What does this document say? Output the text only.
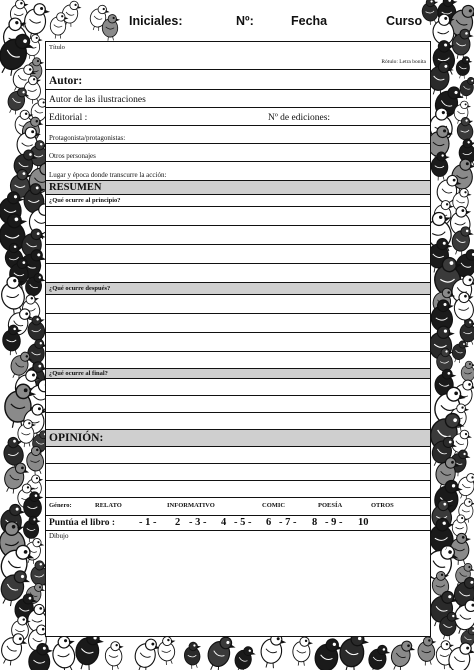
Iniciales:	Nº:	Fecha	Curso
Título
Rótulo: Letra bonita
Autor:
Autor de las ilustraciones
Editorial :	Nº de ediciones:
Protagonista/protagonistas:
Otros personajes
Lugar y época donde transcurre la acción:
RESUMEN
¿Qué ocurre al principio?
¿Qué ocurre después?
¿Qué ocurre al final?
OPINIÓN:
Género:	RELATO	INFORMATIVO	COMIC	POESÍA	OTROS
Puntúa el libro : - 1 - 2 - 3 - 4 - 5 - 6 - 7 - 8 - 9 - 10
Dibujo
7
